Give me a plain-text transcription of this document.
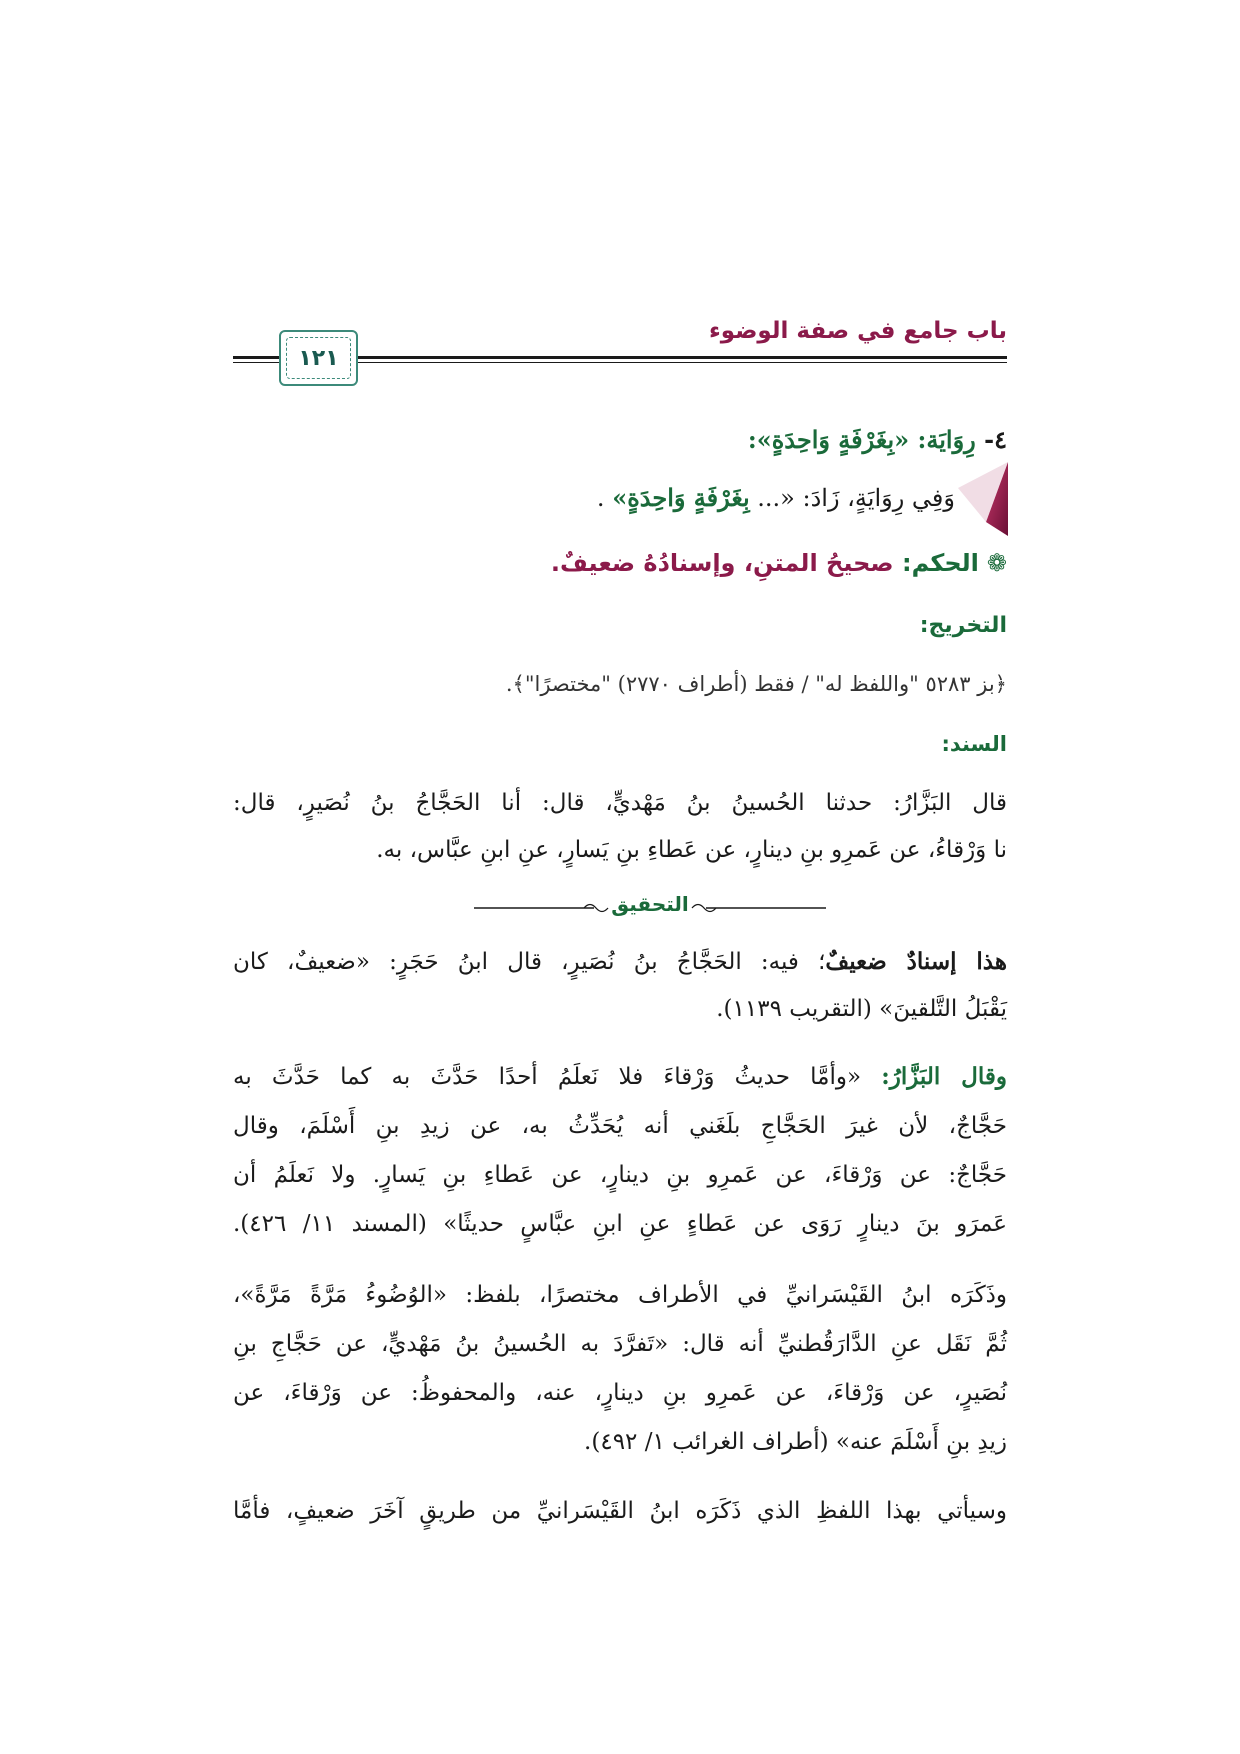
باب جامع في صفة الوضوء
١٢١
٤- رِوَايَة: «بِغَرْفَةٍ وَاحِدَةٍ»:
وَفِي رِوَايَةٍ، زَادَ: «... بِغَرْفَةٍ وَاحِدَةٍ» .
❁الحكم: صحيحُ المتنِ، وإسنادُهُ ضعيفٌ.
التخريج:
﴿بز ٥٢٨٣ "واللفظ له" / فقط (أطراف ٢٧٧٠) "مختصرًا"﴾.
السند:
قال البَزَّارُ: حدثنا الحُسينُ بنُ مَهْديٍّ، قال: أنا الحَجَّاجُ بنُ نُصَيرٍ، قال:
نا وَرْقاءُ، عن عَمرِو بنِ دينارٍ، عن عَطاءِ بنِ يَسارٍ، عنِ ابنِ عبَّاس، به.
التحقيق
هذا إسنادٌ ضعيفٌ؛ فيه: الحَجَّاجُ بنُ نُصَيرٍ، قال ابنُ حَجَرٍ: «ضعيفٌ، كان
يَقْبَلُ التَّلقينَ» (التقريب ١١٣٩).
وقال البَزَّارُ: «وأمَّا حديثُ وَرْقاءَ فلا نَعلَمُ أحدًا حَدَّثَ به كما حَدَّثَ به
حَجَّاجٌ، لأن غيرَ الحَجَّاجِ بلَغَني أنه يُحَدِّثُ به، عن زيدِ بنِ أَسْلَمَ، وقال
حَجَّاجٌ: عن وَرْقاءَ، عن عَمرِو بنِ دينارٍ، عن عَطاءِ بنِ يَسارٍ. ولا نَعلَمُ أن
عَمرَو بنَ دينارٍ رَوَى عن عَطاءٍ عنِ ابنِ عبَّاسٍ حديثًا» (المسند ١١/ ٤٢٦).
وذَكَرَه ابنُ القَيْسَرانيِّ في الأطراف مختصرًا، بلفظ: «الوُضُوءُ مَرَّةً مَرَّةً»،
ثُمَّ نَقَل عنِ الدَّارَقُطنيِّ أنه قال: «تَفرَّدَ به الحُسينُ بنُ مَهْديٍّ، عن حَجَّاجِ بنِ
نُصَيرٍ، عن وَرْقاءَ، عن عَمرِو بنِ دينارٍ، عنه، والمحفوظُ: عن وَرْقاءَ، عن
زيدِ بنِ أَسْلَمَ عنه» (أطراف الغرائب ١/ ٤٩٢).
وسيأتي بهذا اللفظِ الذي ذَكَرَه ابنُ القَيْسَرانيِّ من طريقٍ آخَرَ ضعيفٍ، فأمَّا
